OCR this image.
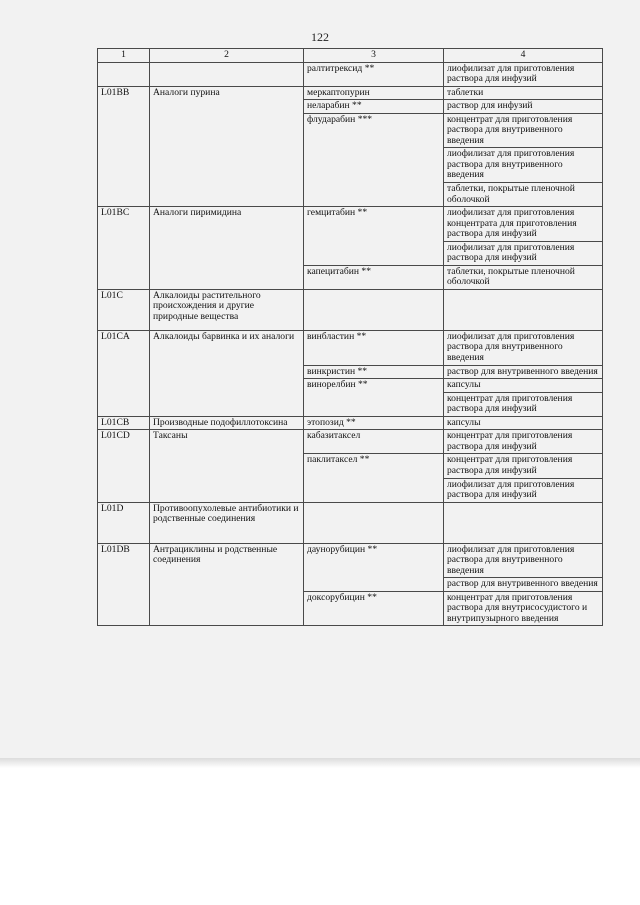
122
1	2	3	4
		ралтитрексид **	лиофилизат для приготовления раствора для инфузий
L01BB	Аналоги пурина	меркаптопурин	таблетки
		неларабин **	раствор для инфузий
		флударабин ***	концентрат для приготовления раствора для внутривенного введения
			лиофилизат для приготовления раствора для внутривенного введения
			таблетки, покрытые пленочной оболочкой
L01BC	Аналоги пиримидина	гемцитабин **	лиофилизат для приготовления концентрата для приготовления раствора для инфузий
			лиофилизат для приготовления раствора для инфузий
		капецитабин **	таблетки, покрытые пленочной оболочкой
L01C	Алкалоиды растительного происхождения и другие природные вещества		
L01CA	Алкалоиды барвинка и их аналоги	винбластин **	лиофилизат для приготовления раствора для внутривенного введения
		винкристин **	раствор для внутривенного введения
		винорелбин **	капсулы
			концентрат для приготовления раствора для инфузий
L01CB	Производные подофиллотоксина	этопозид **	капсулы
L01CD	Таксаны	кабазитаксел	концентрат для приготовления раствора для инфузий
		паклитаксел **	концентрат для приготовления раствора для инфузий
			лиофилизат для приготовления раствора для инфузий
L01D	Противоопухолевые антибиотики и родственные соединения		
L01DB	Антрациклины и родственные соединения	даунорубицин **	лиофилизат для приготовления раствора для внутривенного введения
			раствор для внутривенного введения
		доксорубицин **	концентрат для приготовления раствора для внутрисосудистого и внутрипузырного введения
